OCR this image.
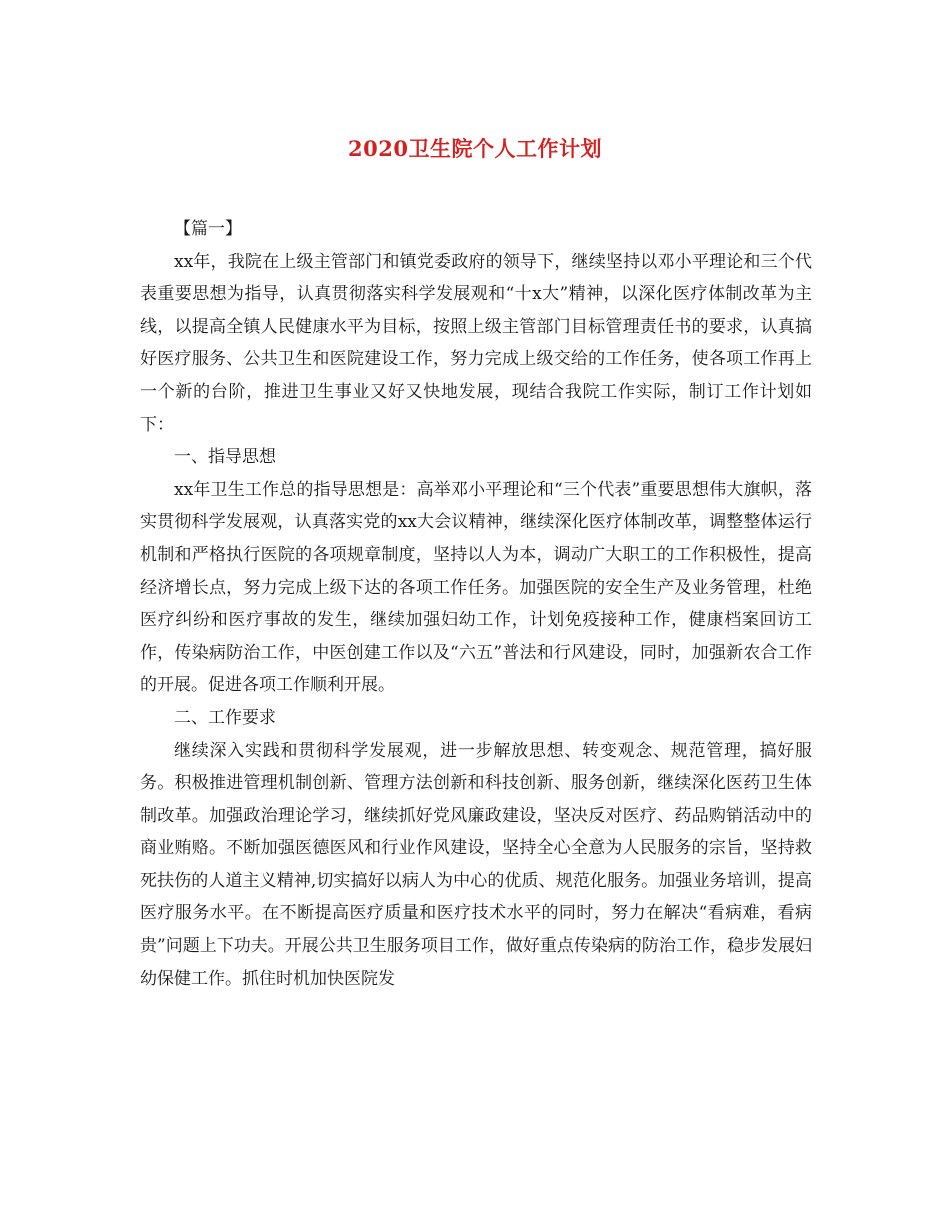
2020卫生院个人工作计划

【篇一】

xx年，我院在上级主管部门和镇党委政府的领导下，继续坚持以邓小平理论和三个代表重要思想为指导，认真贯彻落实科学发展观和“十x大”精神，以深化医疗体制改革为主线，以提高全镇人民健康水平为目标，按照上级主管部门目标管理责任书的要求，认真搞好医疗服务、公共卫生和医院建设工作，努力完成上级交给的工作任务，使各项工作再上一个新的台阶，推进卫生事业又好又快地发展，现结合我院工作实际，制订工作计划如下：

一、指导思想

xx年卫生工作总的指导思想是：高举邓小平理论和“三个代表”重要思想伟大旗帜，落实贯彻科学发展观，认真落实党的xx大会议精神，继续深化医疗体制改革，调整整体运行机制和严格执行医院的各项规章制度，坚持以人为本，调动广大职工的工作积极性，提高经济增长点，努力完成上级下达的各项工作任务。加强医院的安全生产及业务管理，杜绝医疗纠纷和医疗事故的发生，继续加强妇幼工作，计划免疫接种工作，健康档案回访工作，传染病防治工作，中医创建工作以及“六五”普法和行风建设，同时，加强新农合工作的开展。促进各项工作顺利开展。

二、工作要求

继续深入实践和贯彻科学发展观，进一步解放思想、转变观念、规范管理，搞好服务。积极推进管理机制创新、管理方法创新和科技创新、服务创新，继续深化医药卫生体制改革。加强政治理论学习，继续抓好党风廉政建设，坚决反对医疗、药品购销活动中的商业贿赂。不断加强医德医风和行业作风建设，坚持全心全意为人民服务的宗旨，坚持救死扶伤的人道主义精神,切实搞好以病人为中心的优质、规范化服务。加强业务培训，提高医疗服务水平。在不断提高医疗质量和医疗技术水平的同时，努力在解决“看病难，看病贵”问题上下功夫。开展公共卫生服务项目工作，做好重点传染病的防治工作，稳步发展妇幼保健工作。抓住时机加快医院发
